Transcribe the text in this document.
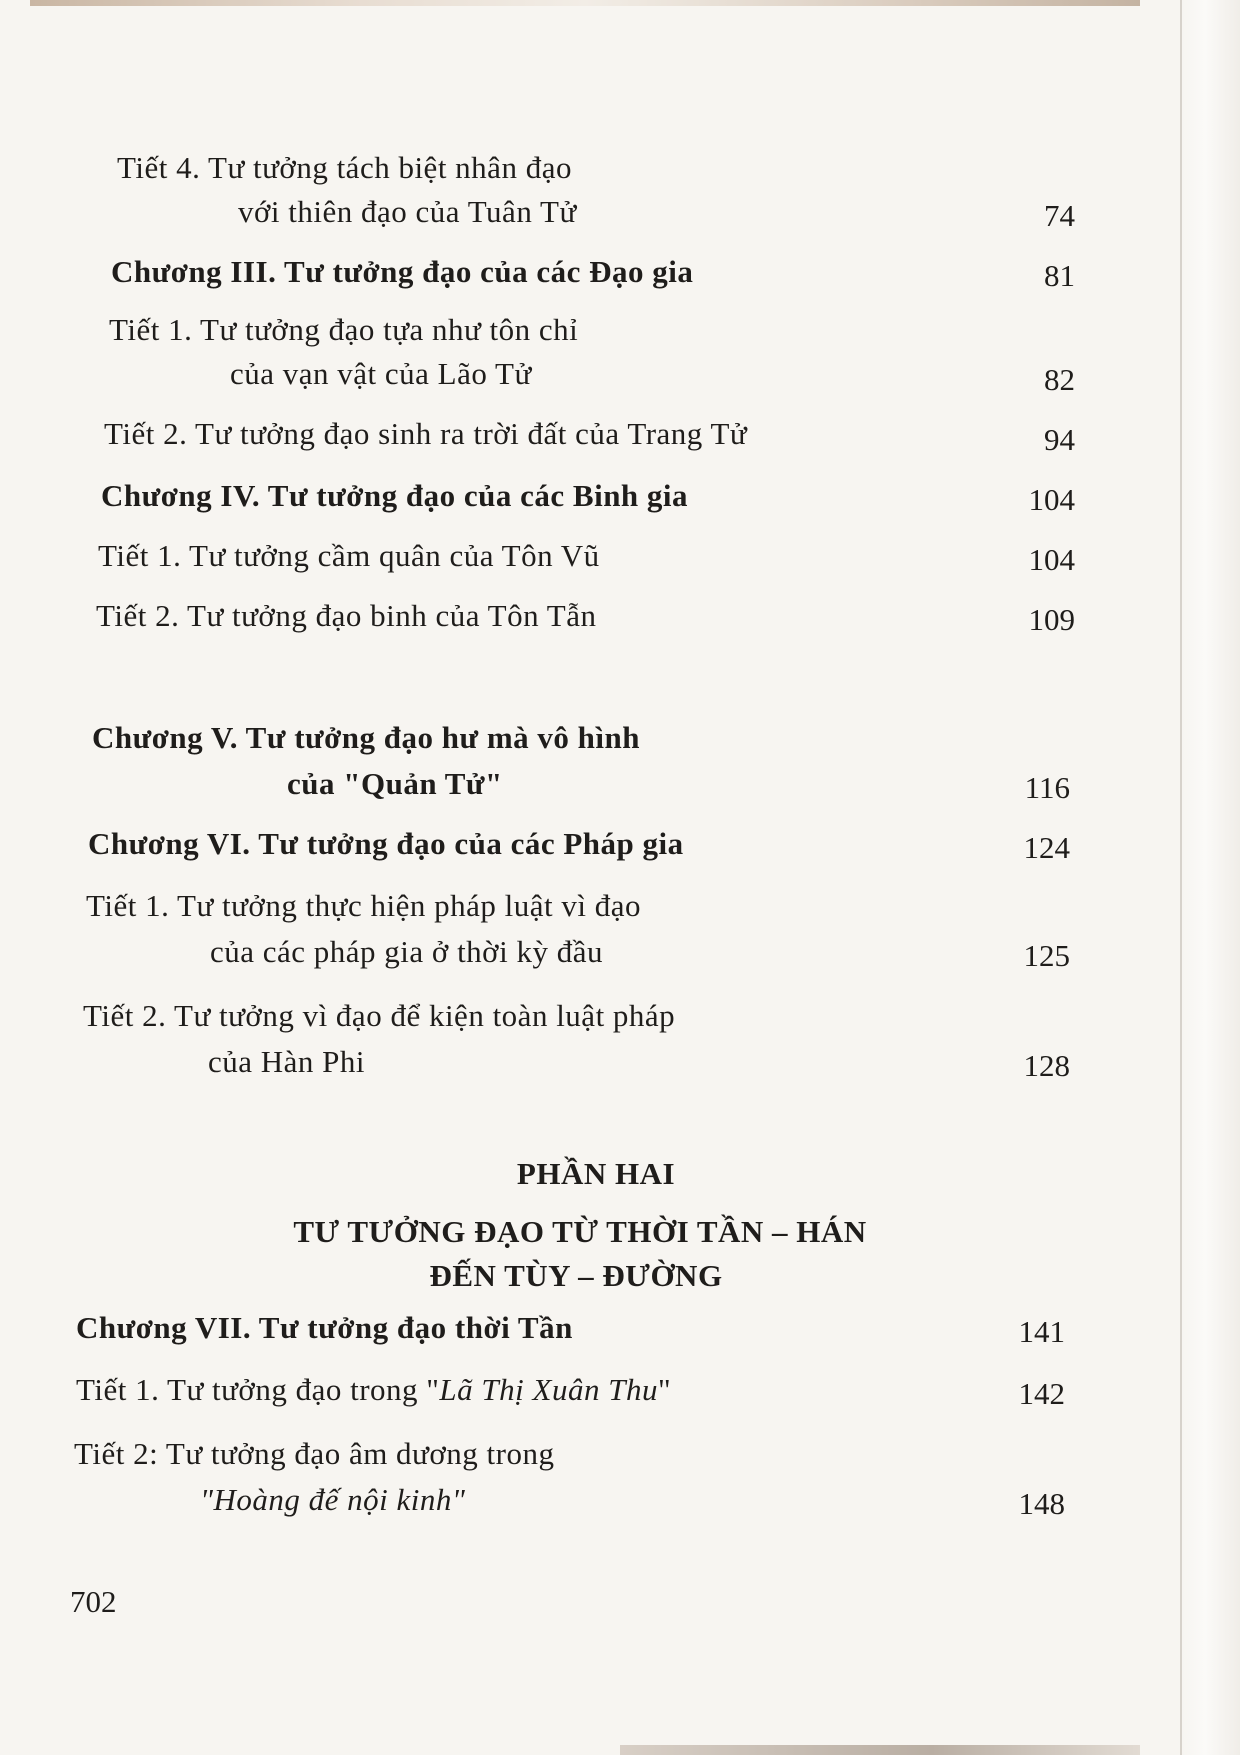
Tiết 4. Tư tưởng tách biệt nhân đạo
với thiên đạo của Tuân Tử	74
Chương III. Tư tưởng đạo của các Đạo gia	81
Tiết 1. Tư tưởng đạo tựa như tôn chỉ
của vạn vật của Lão Tử	82
Tiết 2. Tư tưởng đạo sinh ra trời đất của Trang Tử	94
Chương IV. Tư tưởng đạo của các Binh gia	104
Tiết 1. Tư tưởng cầm quân của Tôn Vũ	104
Tiết 2. Tư tưởng đạo binh của Tôn Tẫn	109
Chương V. Tư tưởng đạo hư mà vô hình
của "Quản Tử"	116
Chương VI. Tư tưởng đạo của các Pháp gia	124
Tiết 1. Tư tưởng thực hiện pháp luật vì đạo
của các pháp gia ở thời kỳ đầu	125
Tiết 2. Tư tưởng vì đạo để kiện toàn luật pháp
của Hàn Phi	128
PHẦN HAI
TƯ TƯỞNG ĐẠO TỪ THỜI TẦN – HÁN
ĐẾN TÙY – ĐƯỜNG
Chương VII. Tư tưởng đạo thời Tần	141
Tiết 1. Tư tưởng đạo trong "Lã Thị Xuân Thu"	142
Tiết 2: Tư tưởng đạo âm dương trong
"Hoàng đế nội kinh"	148
702
